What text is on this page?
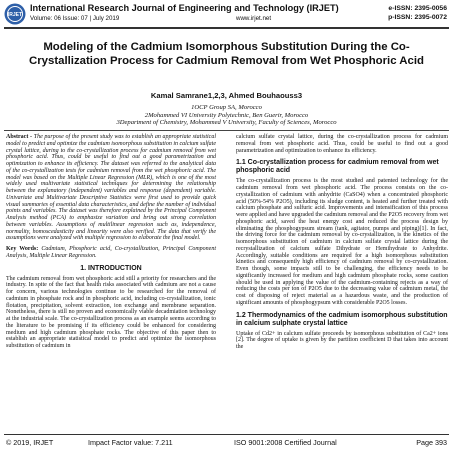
IRJET
International Research Journal of Engineering and Technology (IRJET)
Volume: 06 Issue: 07 | July 2019	www.irjet.net
e-ISSN: 2395-0056
p-ISSN: 2395-0072
Modeling of the Cadmium Isomorphous Substitution During the Co-Crystallization Process for Cadmium Removal from Wet Phosphoric Acid
Kamal Samrane1,2,3, Ahmed Bouhaouss3
1OCP Group SA, Morocco
2Mohammed VI University Polytechnic, Ben Guerir, Morocco
3Department of Chemistry, Mohammed V University, Faculty of Sciences, Morocco

Abstract - The purpose of the present study was to establish an appropriate statistical model to predict and optimize the cadmium isomorphous substitution in calcium sulfate crystal lattice, during to the co-crystallization process for cadmium removal from wet phosphoric acid. Thus, could be useful to find out a good parametrization and optimization to enhance its efficiency. The dataset was referred to the analytical data of the co-crystallization tests for cadmium removal from the wet phosphoric acid. The model was based on the Multiple Linear Regression (MLR), which is one of the most widely used multivariate statistical techniques for determining the relationship between the explanatory (independent) variables and response (dependent) variable. Univariate and Multivariate Descriptive Statistics were first used to provide quick visual summaries of essential data characteristics, and define the number of individual points and variables. The dataset was therefore explained by the Principal Component Analysis method (PCA) to emphasize variation and bring out strong correlation between variables. Assumptions of multilinear regression such as, independence, normality, homoscedasticity and linearity were also verified. The data that verify the assumptions were analyzed with multiple regression to elaborate the final model.

Key Words: Cadmium, Phosphoric acid, Co-crystallization, Principal Component Analysis, Multiple Linear Regression.

1. INTRODUCTION

The cadmium removal from wet phosphoric acid still a priority for researchers and the industry. In spite of the fact that health risks associated with cadmium are not a cause for concern, various technologies continue to be researched for the removal of cadmium in phosphate rock and in phosphoric acid, including co-crystallization, ionic flotation, precipitation, solvent extraction, ion exchange and membrane separation. Nonetheless, there is still no proven and economically viable decadmiation technology at the industrial scale. The co-crystallization process as an example seems according to the literature to be promising if its efficiency could be enhanced for considering medium and high cadmium phosphate rocks. The objective of this paper then to establish an appropriate statistical model to predict and optimize the isomorphous substitution of cadmium in

calcium sulfate crystal lattice, during the co-crystallization process for cadmium removal from wet phosphoric acid. Thus, could be useful to find out a good parametrization and optimization to enhance its efficiency.

1.1 Co-crystallization process for cadmium removal from wet phosphoric acid

The co-crystallization process is the most studied and patented technology for the cadmium removal from wet phosphoric acid. The process consists on the co-crystallization of cadmium with anhydrite (CaSO4) when a concentrated phosphoric acid (50%-54% P2O5), including its sludge content, is heated and further treated with calcium phosphate and sulfuric acid. Improvements and intensification of this process were applied and have upgraded the cadmium removal and the P2O5 recovery from wet phosphoric acid, saved the heat energy cost and reduced the process design by eliminating the phosphogypsum stream (tank, agitator, pumps and piping)[1]. In fact, the driving force for the cadmium removal by co-crystallization, is the kinetics of the isomorphous substitution of cadmium in calcium sulfate crystal lattice during the recrystallization of calcium sulfate Dihydrate or Hemihydrate to Anhydrite. Accordingly, suitable conditions are required for a high isomorphous substitution kinetics and consequently high efficiency of cadmium removal by co-crystallization. Even though, some impacts still to be challenging, the efficiency needs to be significantly increased for medium and high cadmium phosphate rocks, some caution should be used in applying the value of the cadmium-containing rejects as a way of reducing the costs per ton of P2O5 due to the decreasing value of cadmium metal, the cost of disposing of reject material as a hazardous waste, and the production of significant amounts of phosphogypsum with considerable P2O5 losses.

1.2 Thermodynamics of the cadmium isomorphous substitution in calcium sulphate crystal lattice

Uptake of Cd2+ in calcium sulfate proceeds by isomorphous substitution of Ca2+ ions [2]. The degree of uptake is given by the partition coefficient D that takes into account the

© 2019, IRJET	Impact Factor value: 7.211	ISO 9001:2008 Certified Journal	Page 393
